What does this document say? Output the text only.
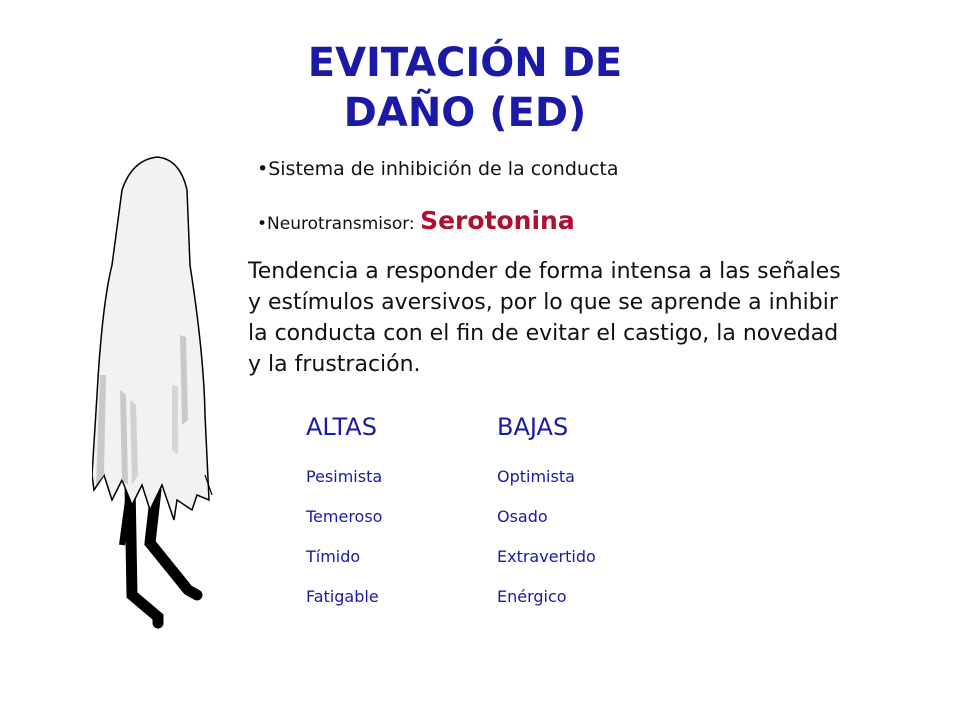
EVITACIÓN DE
DAÑO (ED)
•Sistema de inhibición de la conducta
•Neurotransmisor: Serotonina
Tendencia a responder de forma intensa a las señales y estímulos aversivos, por lo que se aprende a inhibir la conducta con el fin de evitar el castigo, la novedad y la frustración.
ALTAS
Pesimista
Temeroso
Tímido
Fatigable
BAJAS
Optimista
Osado
Extravertido
Enérgico
